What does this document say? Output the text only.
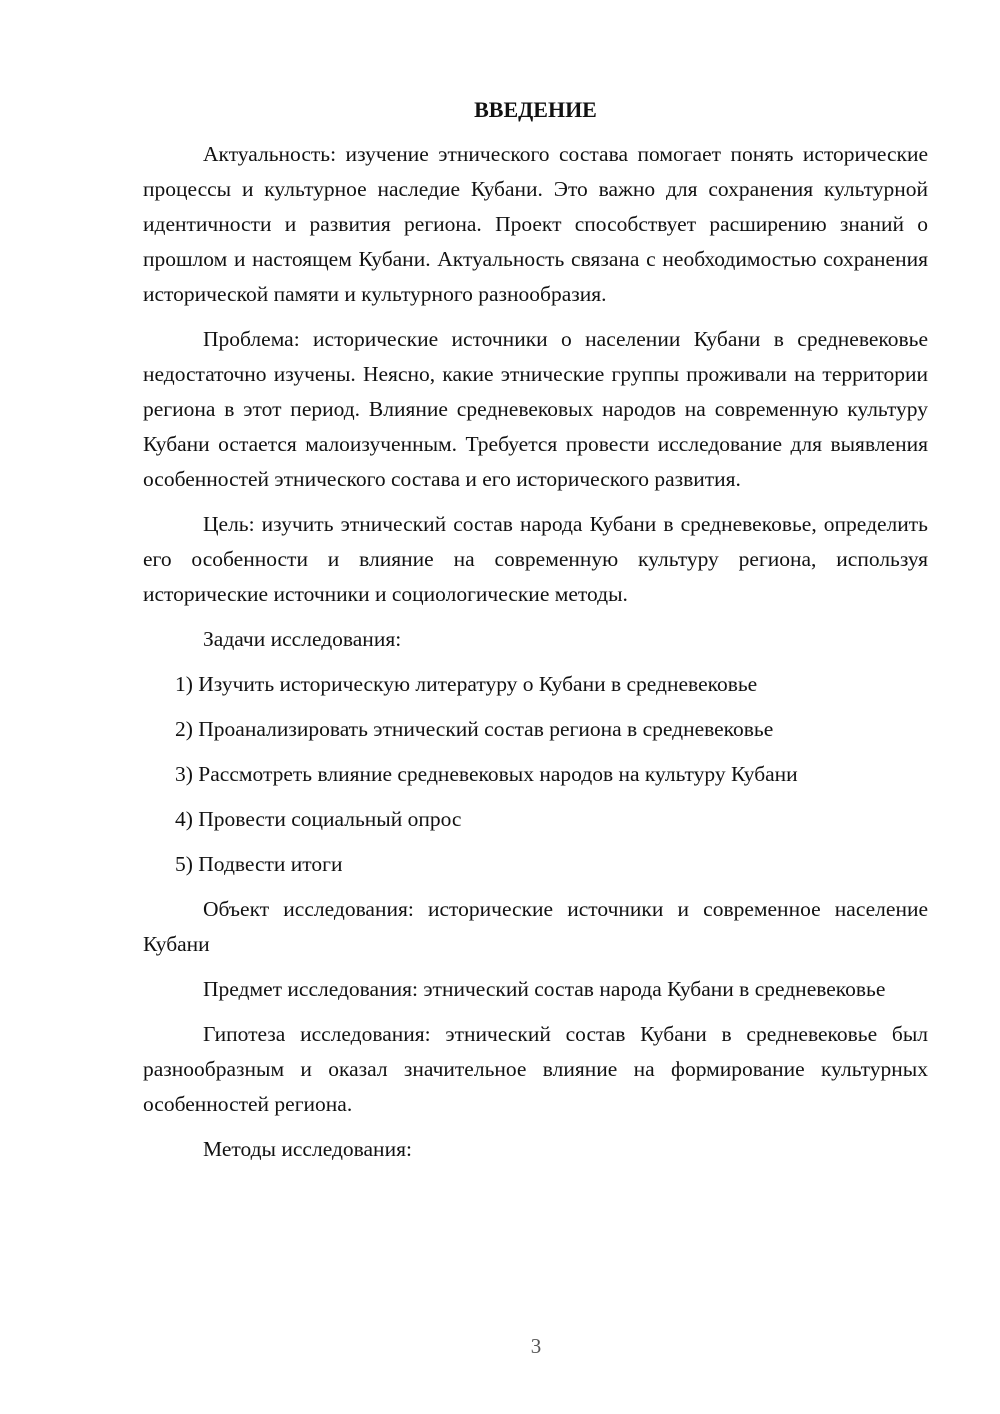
ВВЕДЕНИЕ

Актуальность: изучение этнического состава помогает понять исторические процессы и культурное наследие Кубани. Это важно для сохранения культурной идентичности и развития региона. Проект способствует расширению знаний о прошлом и настоящем Кубани. Актуальность связана с необходимостью сохранения исторической памяти и культурного разнообразия.

Проблема: исторические источники о населении Кубани в средневековье недостаточно изучены. Неясно, какие этнические группы проживали на территории региона в этот период. Влияние средневековых народов на современную культуру Кубани остается малоизученным. Требуется провести исследование для выявления особенностей этнического состава и его исторического развития.

Цель: изучить этнический состав народа Кубани в средневековье, определить его особенности и влияние на современную культуру региона, используя исторические источники и социологические методы.

Задачи исследования:

1) Изучить историческую литературу о Кубани в средневековье
2) Проанализировать этнический состав региона в средневековье
3) Рассмотреть влияние средневековых народов на культуру Кубани
4) Провести социальный опрос
5) Подвести итоги

Объект исследования: исторические источники и современное население Кубани

Предмет исследования: этнический состав народа Кубани в средневековье

Гипотеза исследования: этнический состав Кубани в средневековье был разнообразным и оказал значительное влияние на формирование культурных особенностей региона.

Методы исследования:

3
